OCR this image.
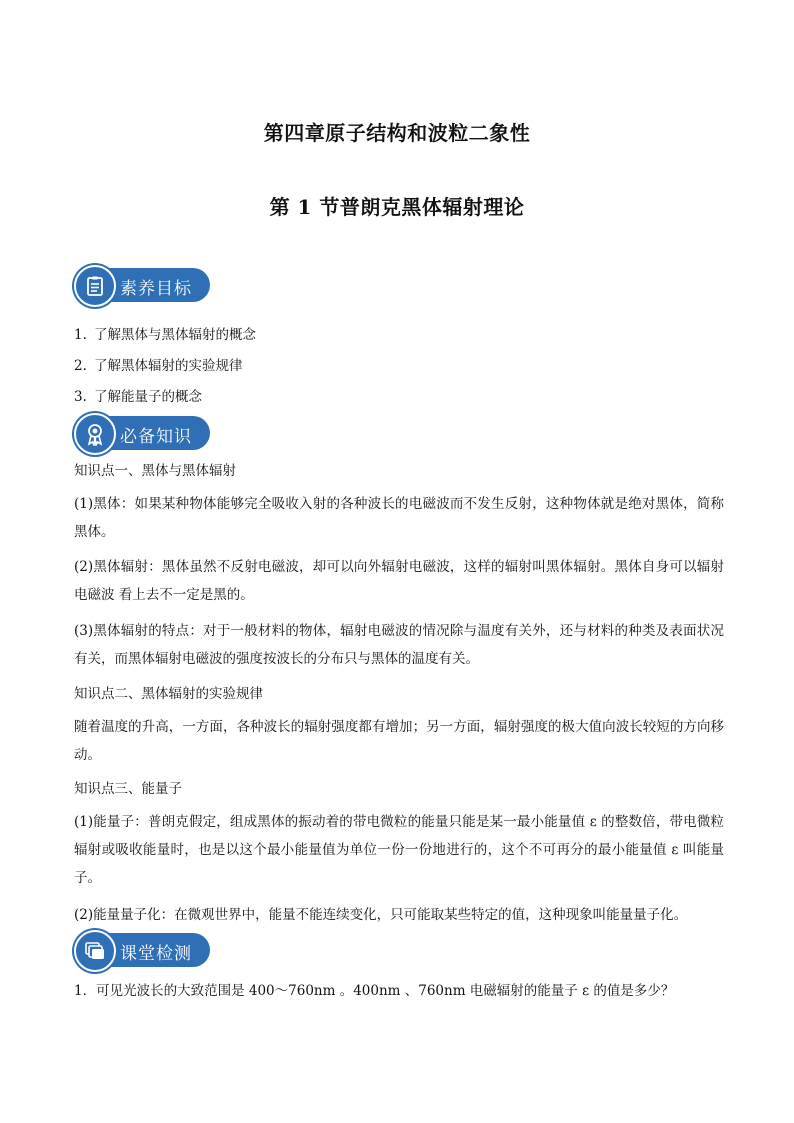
第四章原子结构和波粒二象性
第 1 节普朗克黑体辐射理论
素养目标
1. 了解黑体与黑体辐射的概念
2. 了解黑体辐射的实验规律
3. 了解能量子的概念
必备知识
知识点一、黑体与黑体辐射
(1)黑体：如果某种物体能够完全吸收入射的各种波长的电磁波而不发生反射，这种物体就是绝对黑体，简称黑体。
(2)黑体辐射：黑体虽然不反射电磁波，却可以向外辐射电磁波，这样的辐射叫黑体辐射。黑体自身可以辐射电磁波 看上去不一定是黑的。
(3)黑体辐射的特点：对于一般材料的物体，辐射电磁波的情况除与温度有关外，还与材料的种类及表面状况有关，而黑体辐射电磁波的强度按波长的分布只与黑体的温度有关。
知识点二、黑体辐射的实验规律
随着温度的升高，一方面，各种波长的辐射强度都有增加；另一方面，辐射强度的极大值向波长较短的方向移动。
知识点三、能量子
(1)能量子：普朗克假定，组成黑体的振动着的带电微粒的能量只能是某一最小能量值 ε 的整数倍，带电微粒辐射或吸收能量时，也是以这个最小能量值为单位一份一份地进行的，这个不可再分的最小能量值 ε 叫能量子。
(2)能量量子化：在微观世界中，能量不能连续变化，只可能取某些特定的值，这种现象叫能量量子化。
课堂检测
1．可见光波长的大致范围是 400～760nm 。400nm 、760nm 电磁辐射的能量子 ε 的值是多少？
